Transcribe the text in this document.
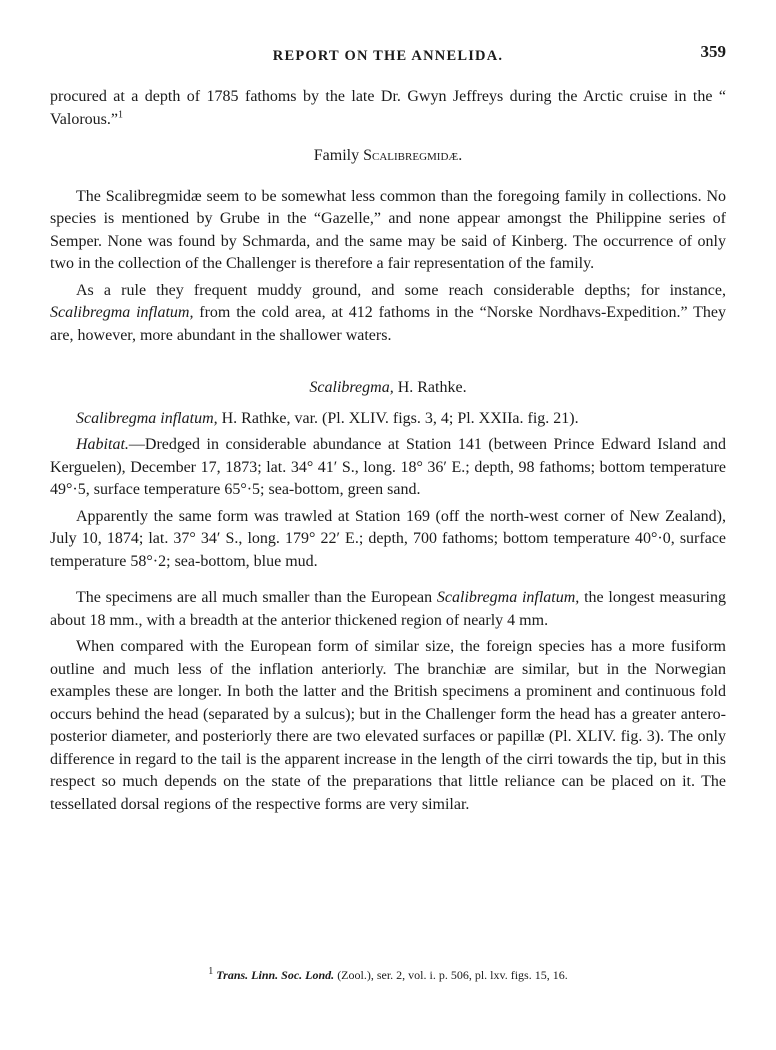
REPORT ON THE ANNELIDA.	359

procured at a depth of 1785 fathoms by the late Dr. Gwyn Jeffreys during the Arctic cruise in the “ Valorous.”$^1$

Family Scalibregmidæ.

The Scalibregmidæ seem to be somewhat less common than the foregoing family in collections. No species is mentioned by Grube in the “Gazelle,” and none appear amongst the Philippine series of Semper. None was found by Schmarda, and the same may be said of Kinberg. The occurrence of only two in the collection of the Challenger is therefore a fair representation of the family.

As a rule they frequent muddy ground, and some reach considerable depths; for instance, Scalibregma inflatum, from the cold area, at 412 fathoms in the “Norske Nordhavs-Expedition.” They are, however, more abundant in the shallower waters.

Scalibregma, H. Rathke.

Scalibregma inflatum, H. Rathke, var. (Pl. XLIV. figs. 3, 4; Pl. XXIIa. fig. 21).

Habitat.—Dredged in considerable abundance at Station 141 (between Prince Edward Island and Kerguelen), December 17, 1873; lat. 34° 41′ S., long. 18° 36′ E.; depth, 98 fathoms; bottom temperature 49°·5, surface temperature 65°·5; sea-bottom, green sand.

Apparently the same form was trawled at Station 169 (off the north-west corner of New Zealand), July 10, 1874; lat. 37° 34′ S., long. 179° 22′ E.; depth, 700 fathoms; bottom temperature 40°·0, surface temperature 58°·2; sea-bottom, blue mud.

The specimens are all much smaller than the European Scalibregma inflatum, the longest measuring about 18 mm., with a breadth at the anterior thickened region of nearly 4 mm.

When compared with the European form of similar size, the foreign species has a more fusiform outline and much less of the inflation anteriorly. The branchiæ are similar, but in the Norwegian examples these are longer. In both the latter and the British specimens a prominent and continuous fold occurs behind the head (separated by a sulcus); but in the Challenger form the head has a greater antero-posterior diameter, and posteriorly there are two elevated surfaces or papillæ (Pl. XLIV. fig. 3). The only difference in regard to the tail is the apparent increase in the length of the cirri towards the tip, but in this respect so much depends on the state of the preparations that little reliance can be placed on it. The tessellated dorsal regions of the respective forms are very similar.

$^1$ Trans. Linn. Soc. Lond. (Zool.), ser. 2, vol. i. p. 506, pl. lxv. figs. 15, 16.
